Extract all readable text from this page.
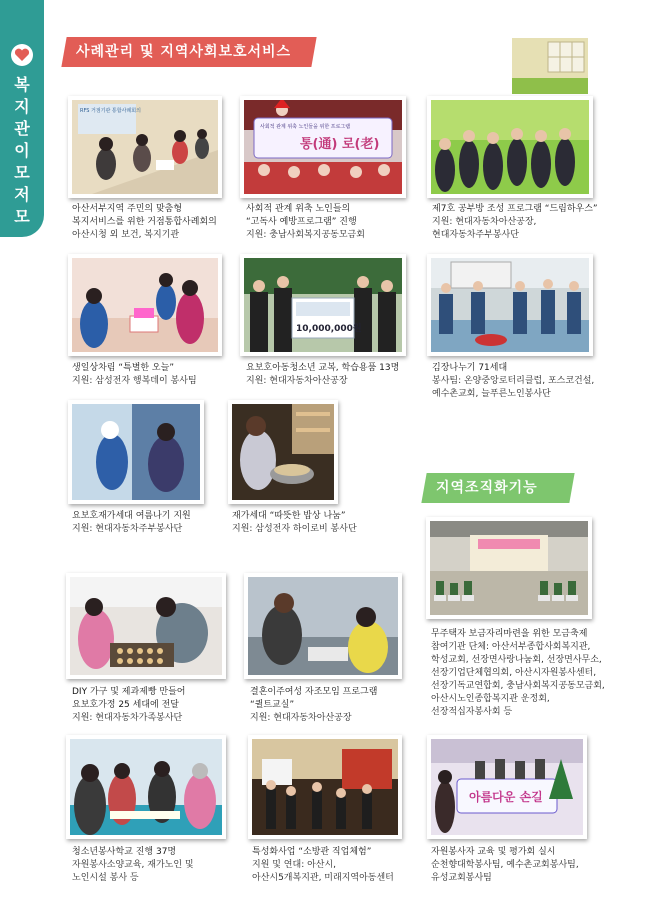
복지관 이모저모
사례관리 및 지역사회보호서비스
지역조직화기능
RFS 거점기관 통합사례회의
사회적 관계 위축 노인들을 위한 프로그램
통(通) 로(老)
아산서부지역 주민의 맞춤형
복지서비스를 위한 거점통합사례회의
아산시청 외 보건, 복지기관
사회적 관계 위축 노인들의
“고독사 예방프로그램” 진행
지원: 충남사회복지공동모금회
제7호 공부방 조성 프로그램 “드림하우스”
지원: 현대자동차아산공장,
현대자동차주부봉사단
10,000,000원
생일상차림 “특별한 오늘”
지원: 삼성전자 행복데이 봉사팀
요보호아동청소년 교복, 학습용품 13명
지원: 현대자동차아산공장
김장나누기 71세대
봉사팀: 온양중앙로터리클럽, 포스코건설,
예수촌교회, 늘푸른노인봉사단
요보호재가세대 여름나기 지원
지원: 현대자동차주부봉사단
재가세대 “따뜻한 밥상 나눔”
지원: 삼성전자 하이로비 봉사단
무주택자 보금자리마련을 위한 모금축제
참여기관 단체: 아산서부종합사회복지관,
학성교회, 선장면사랑나눔회, 선장면사무소,
선장기업단체협의회, 아산시자원봉사센터,
선장기독교연합회, 충남사회복지공동모금회,
아산시노인종합복지관 운정회,
선장적십자봉사회 등
DIY 가구 및 제과제빵 만들어
요보호가정 25 세대에 전달
지원: 현대자동차가족봉사단
결혼이주여성 자조모임 프로그램
“퀼트교실”
지원: 현대자동차아산공장
아름다운 손길
청소년봉사학교 진행 37명
자원봉사소양교육, 재가노인 및
노인시설 봉사 등
특성화사업 “소방관 직업체험”
지원 및 연대: 아산시,
아산시5개복지관, 미래지역아동센터
자원봉사자 교육 및 평가회 실시
순천향대학봉사팀, 예수촌교회봉사팀,
유성교회봉사팀
